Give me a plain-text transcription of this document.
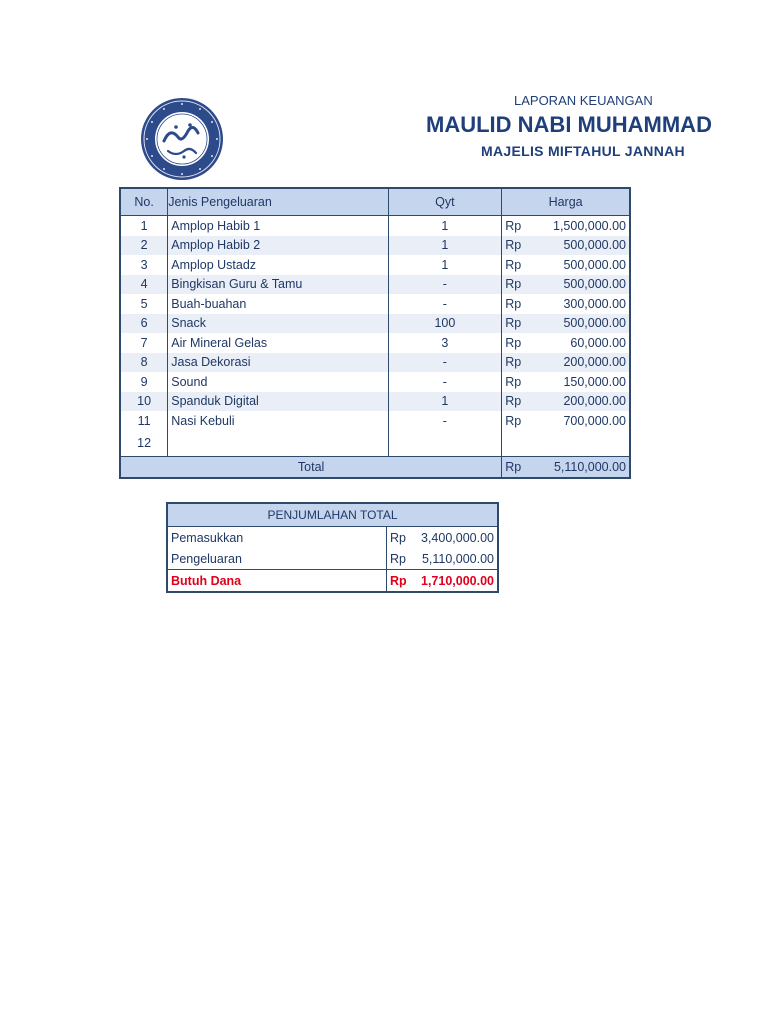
LAPORAN KEUANGAN
MAULID NABI MUHAMMAD
MAJELIS MIFTAHUL JANNAH
No.	Jenis Pengeluaran	Qyt	Harga
1	Amplop Habib 1	1	Rp 1,500,000.00

2	Amplop Habib 2	1	Rp 500,000.00

3	Amplop Ustadz	1	Rp 500,000.00

4	Bingkisan Guru & Tamu	-	Rp 500,000.00

5	Buah-buahan	-	Rp 300,000.00

6	Snack	100	Rp 500,000.00

7	Air Mineral Gelas	3	Rp 60,000.00

8	Jasa Dekorasi	-	Rp 200,000.00

9	Sound	-	Rp 150,000.00

10	Spanduk Digital	1	Rp 200,000.00

11	Nasi Kebuli	-	Rp 700,000.00

12			

Total			Rp 5,110,000.00
PENJUMLAHAN TOTAL	
Pemasukkan	Rp 3,400,000.00

Pengeluaran	Rp 5,110,000.00

Butuh Dana	Rp 1,710,000.00
